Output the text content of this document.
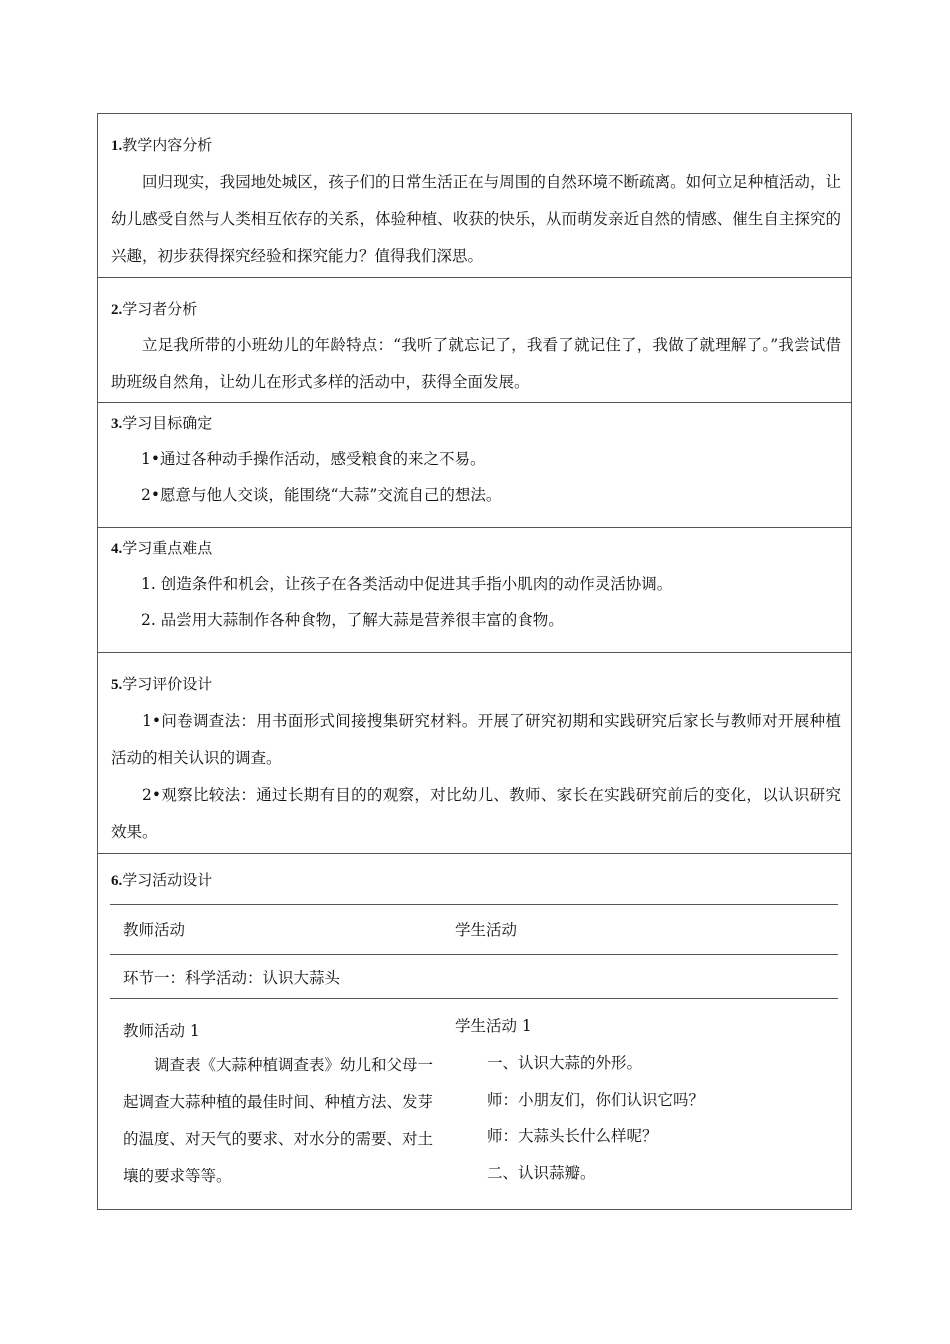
1.教学内容分析
回归现实，我园地处城区，孩子们的日常生活正在与周围的自然环境不断疏离。如何立足种植活动，让幼儿感受自然与人类相互依存的关系，体验种植、收获的快乐，从而萌发亲近自然的情感、催生自主探究的兴趣，初步获得探究经验和探究能力？值得我们深思。
2.学习者分析
立足我所带的小班幼儿的年龄特点：“我听了就忘记了，我看了就记住了，我做了就理解了。”我尝试借助班级自然角，让幼儿在形式多样的活动中，获得全面发展。
3.学习目标确定
1•通过各种动手操作活动，感受粮食的来之不易。
2•愿意与他人交谈，能围绕“大蒜”交流自己的想法。
4.学习重点难点
1. 创造条件和机会，让孩子在各类活动中促进其手指小肌肉的动作灵活协调。
2. 品尝用大蒜制作各种食物，了解大蒜是营养很丰富的食物。
5.学习评价设计
1•问卷调查法：用书面形式间接搜集研究材料。开展了研究初期和实践研究后家长与教师对开展种植活动的相关认识的调查。
2•观察比较法：通过长期有目的的观察，对比幼儿、教师、家长在实践研究前后的变化，以认识研究效果。
6.学习活动设计
教师活动	学生活动
环节一：科学活动：认识大蒜头
教师活动 1
调查表《大蒜种植调查表》幼儿和父母一起调查大蒜种植的最佳时间、种植方法、发芽的温度、对天气的要求、对水分的需要、对土壤的要求等等。
学生活动 1
一、认识大蒜的外形。
师：小朋友们，你们认识它吗？
师：大蒜头长什么样呢？
二、认识蒜瓣。
